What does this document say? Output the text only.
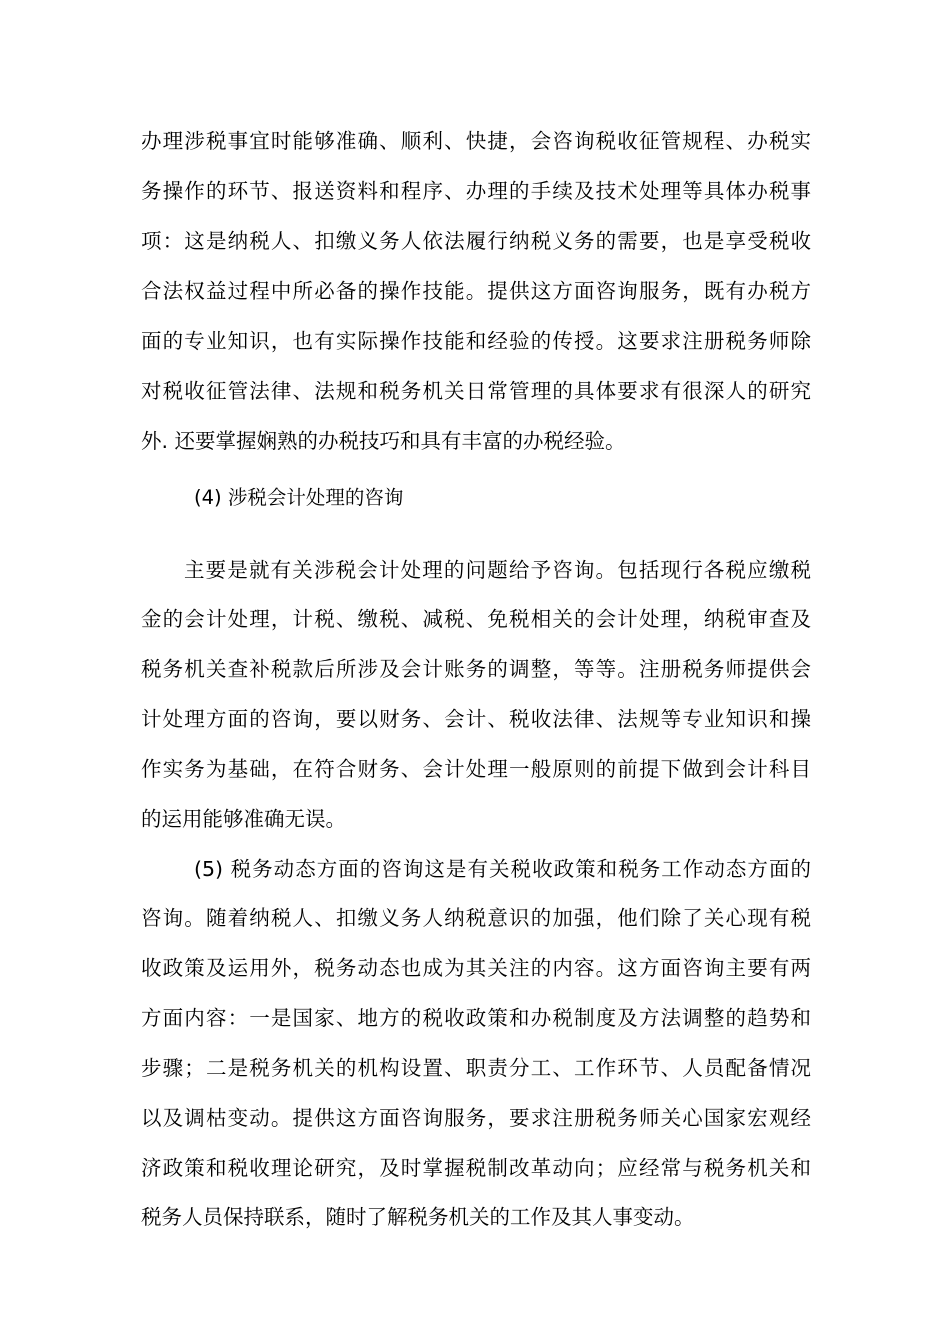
办理涉税事宜时能够准确、顺利、快捷，会咨询税收征管规程、办税实
务操作的环节、报送资料和程序、办理的手续及技术处理等具体办税事
项：这是纳税人、扣缴义务人依法履行纳税义务的需要，也是享受税收
合法权益过程中所必备的操作技能。提供这方面咨询服务，既有办税方
面的专业知识，也有实际操作技能和经验的传授。这要求注册税务师除
对税收征管法律、法规和税务机关日常管理的具体要求有很深人的研究
外. 还要掌握娴熟的办税技巧和具有丰富的办税经验。
(4) 涉税会计处理的咨询
主要是就有关涉税会计处理的问题给予咨询。包括现行各税应缴税
金的会计处理，计税、缴税、减税、免税相关的会计处理，纳税审查及
税务机关查补税款后所涉及会计账务的调整，等等。注册税务师提供会
计处理方面的咨询，要以财务、会计、税收法律、法规等专业知识和操
作实务为基础，在符合财务、会计处理一般原则的前提下做到会计科目
的运用能够准确无误。
(5) 税务动态方面的咨询这是有关税收政策和税务工作动态方面的
咨询。随着纳税人、扣缴义务人纳税意识的加强，他们除了关心现有税
收政策及运用外，税务动态也成为其关注的内容。这方面咨询主要有两
方面内容：一是国家、地方的税收政策和办税制度及方法调整的趋势和
步骤；二是税务机关的机构设置、职责分工、工作环节、人员配备情况
以及调枯变动。提供这方面咨询服务，要求注册税务师关心国家宏观经
济政策和税收理论研究，及时掌握税制改革动向；应经常与税务机关和
税务人员保持联系，随时了解税务机关的工作及其人事变动。
